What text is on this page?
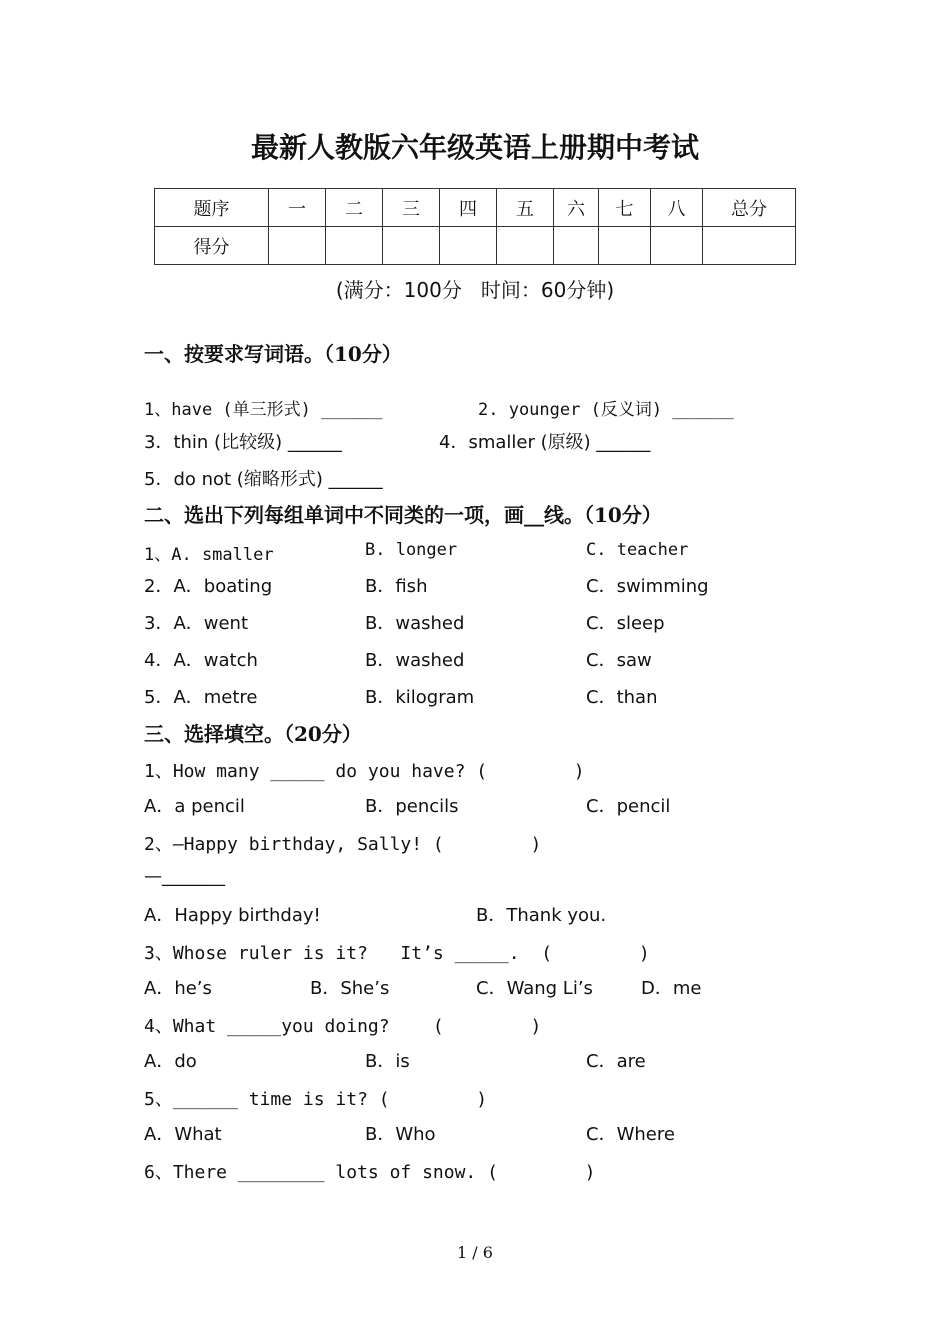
最新人教版六年级英语上册期中考试
题序	一	二	三	四	五	六	七	八	总分
得分									
(满分：100分   时间：60分钟)
一、按要求写词语。（10分）
1、have (单三形式) ______	2. younger (反义词) ______
3．thin (比较级) ______	4．smaller (原级) ______
5．do not (缩略形式) ______
二、选出下列每组单词中不同类的一项，画__线。（10分）
1、A. smaller	B. longer	C. teacher
2．A．boating	B．fish	C．swimming
3．A．went	B．washed	C．sleep
4．A．watch	B．washed	C．saw
5．A．metre	B．kilogram	C．than
三、选择填空。（20分）
1、How many _____ do you have? (        )
A．a pencil	B．pencils	C．pencil
2、—Happy birthday, Sally! (        )
—_______
A．Happy birthday!	B．Thank you.
3、Whose ruler is it?   It’s _____.  (        )
A．he’s	B．She’s	C．Wang Li’s	D．me
4、What _____you doing?    (        )
A．do	B．is	C．are
5、______ time is it? (        )
A．What	B．Who	C．Where
6、There ________ lots of snow. (        )
1 / 6
